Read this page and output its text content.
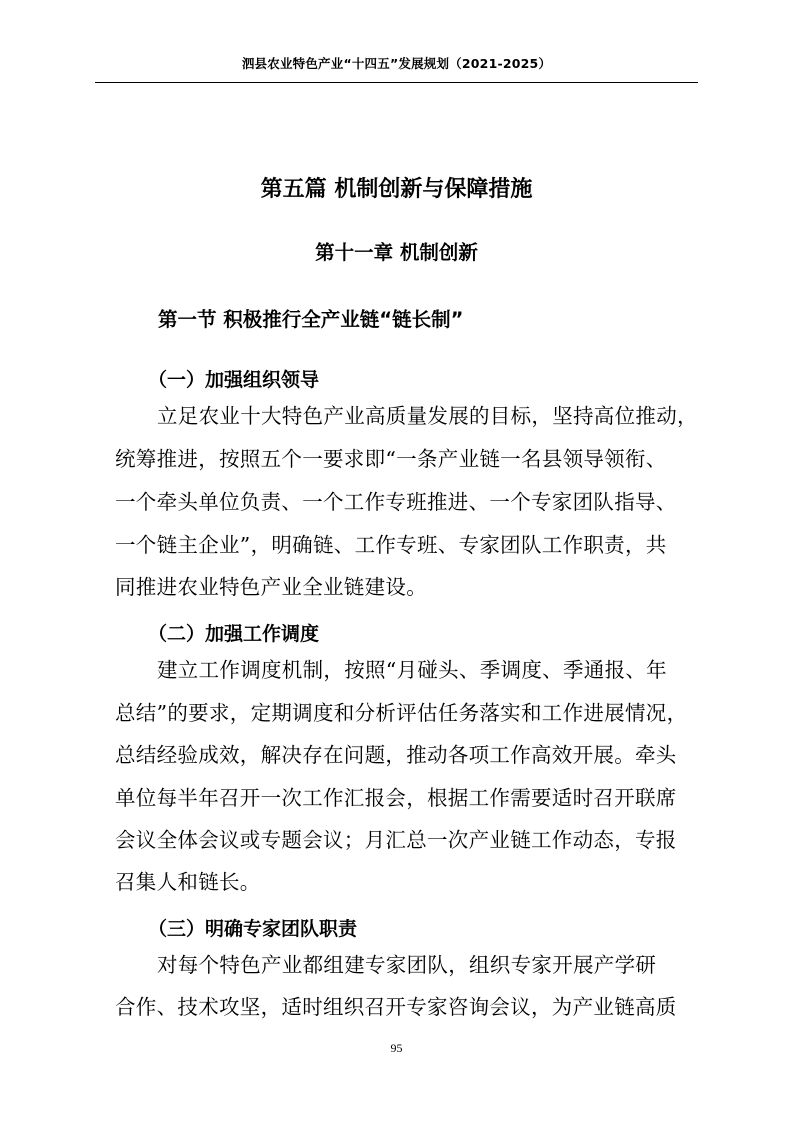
泗县农业特色产业“十四五”发展规划（2021-2025）
第五篇 机制创新与保障措施
第十一章 机制创新
第一节 积极推行全产业链“链长制”
（一）加强组织领导
立足农业十大特色产业高质量发展的目标，坚持高位推动，
统筹推进，按照五个一要求即“一条产业链一名县领导领衔、
一个牵头单位负责、一个工作专班推进、一个专家团队指导、
一个链主企业”，明确链、工作专班、专家团队工作职责，共
同推进农业特色产业全业链建设。
（二）加强工作调度
建立工作调度机制，按照“月碰头、季调度、季通报、年
总结”的要求，定期调度和分析评估任务落实和工作进展情况，
总结经验成效，解决存在问题，推动各项工作高效开展。牵头
单位每半年召开一次工作汇报会，根据工作需要适时召开联席
会议全体会议或专题会议；月汇总一次产业链工作动态，专报
召集人和链长。
（三）明确专家团队职责
对每个特色产业都组建专家团队，组织专家开展产学研
合作、技术攻坚，适时组织召开专家咨询会议，为产业链高质
95
